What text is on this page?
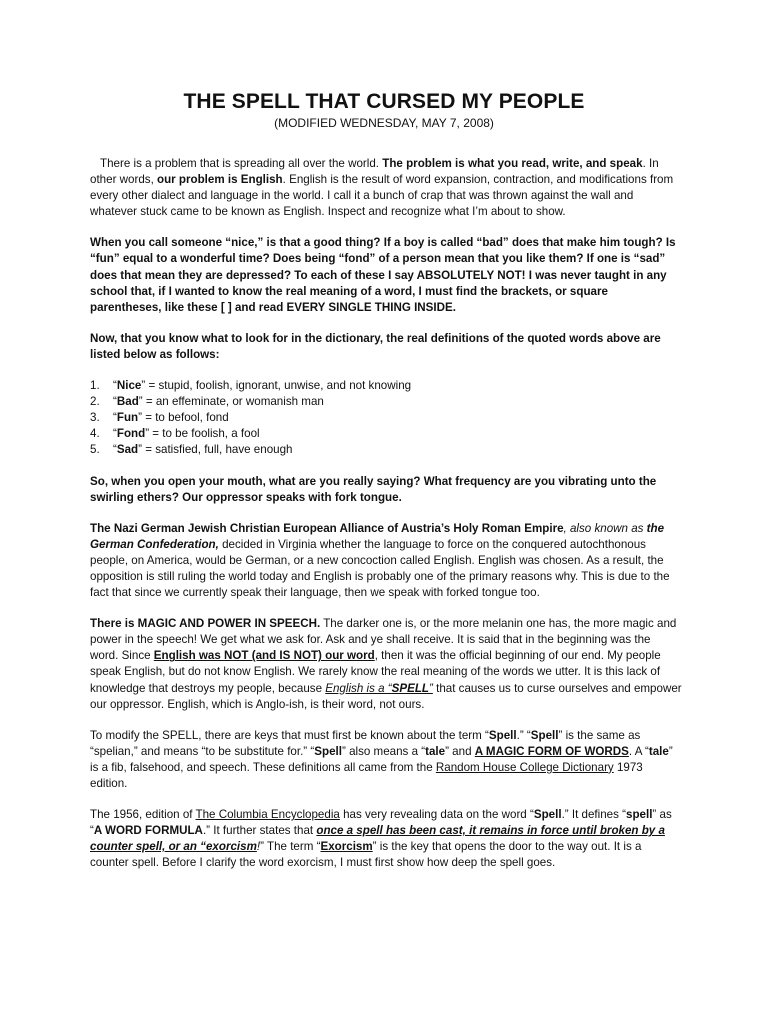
THE SPELL THAT CURSED MY PEOPLE
(MODIFIED WEDNESDAY, MAY 7, 2008)

There is a problem that is spreading all over the world. The problem is what you read, write, and speak. In other words, our problem is English. English is the result of word expansion, contraction, and modifications from every other dialect and language in the world. I call it a bunch of crap that was thrown against the wall and whatever stuck came to be known as English. Inspect and recognize what I’m about to show.

When you call someone “nice,” is that a good thing? If a boy is called “bad” does that make him tough? Is “fun” equal to a wonderful time? Does being “fond” of a person mean that you like them? If one is “sad” does that mean they are depressed? To each of these I say ABSOLUTELY NOT! I was never taught in any school that, if I wanted to know the real meaning of a word, I must find the brackets, or square parentheses, like these [ ] and read EVERY SINGLE THING INSIDE.

Now, that you know what to look for in the dictionary, the real definitions of the quoted words above are listed below as follows:

1.	“Nice” = stupid, foolish, ignorant, unwise, and not knowing
2.	“Bad” = an effeminate, or womanish man
3.	“Fun” = to befool, fond
4.	“Fond” = to be foolish, a fool
5.	“Sad” = satisfied, full, have enough

So, when you open your mouth, what are you really saying? What frequency are you vibrating unto the swirling ethers? Our oppressor speaks with fork tongue.

The Nazi German Jewish Christian European Alliance of Austria’s Holy Roman Empire, also known as the German Confederation, decided in Virginia whether the language to force on the conquered autochthonous people, on America, would be German, or a new concoction called English. English was chosen. As a result, the opposition is still ruling the world today and English is probably one of the primary reasons why. This is due to the fact that since we currently speak their language, then we speak with forked tongue too.

There is MAGIC AND POWER IN SPEECH. The darker one is, or the more melanin one has, the more magic and power in the speech! We get what we ask for. Ask and ye shall receive. It is said that in the beginning was the word. Since English was NOT (and IS NOT) our word, then it was the official beginning of our end. My people speak English, but do not know English. We rarely know the real meaning of the words we utter. It is this lack of knowledge that destroys my people, because English is a “SPELL” that causes us to curse ourselves and empower our oppressor. English, which is Anglo-ish, is their word, not ours.

To modify the SPELL, there are keys that must first be known about the term “Spell.” “Spell” is the same as “spelian,” and means “to be substitute for.” “Spell” also means a “tale” and A MAGIC FORM OF WORDS. A “tale” is a fib, falsehood, and speech. These definitions all came from the Random House College Dictionary 1973 edition.

The 1956, edition of The Columbia Encyclopedia has very revealing data on the word “Spell.” It defines “spell” as “A WORD FORMULA.” It further states that once a spell has been cast, it remains in force until broken by a counter spell, or an “exorcism!” The term “Exorcism” is the key that opens the door to the way out. It is a counter spell. Before I clarify the word exorcism, I must first show how deep the spell goes.
